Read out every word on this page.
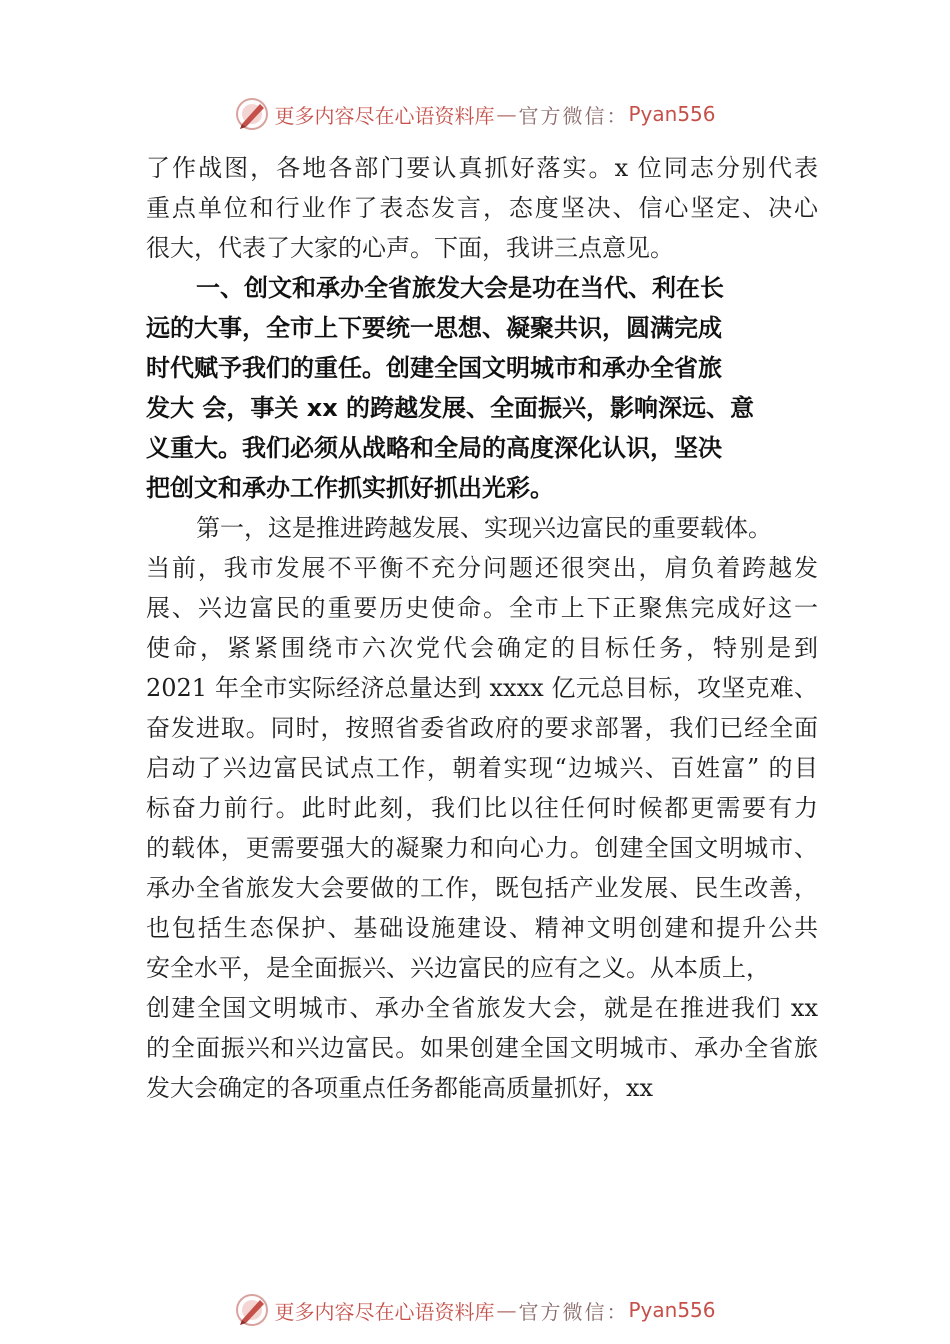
更多内容尽在心语资料库 — 官方微信： Pyan556
了作战图，各地各部门要认真抓好落实。x 位同志分别代表
重点单位和行业作了表态发言，态度坚决、信心坚定、决心
很大，代表了大家的心声。下面，我讲三点意见。
一、创文和承办全省旅发大会是功在当代、利在长
远的大事，全市上下要统一思想、凝聚共识，圆满完成
时代赋予我们的重任。创建全国文明城市和承办全省旅
发大 会，事关 xx 的跨越发展、全面振兴，影响深远、意
义重大。我们必须从战略和全局的高度深化认识，坚决
把创文和承办工作抓实抓好抓出光彩。
第一，这是推进跨越发展、实现兴边富民的重要载体。
当前，我市发展不平衡不充分问题还很突出，肩负着跨越发
展、兴边富民的重要历史使命。全市上下正聚焦完成好这一
使命，紧紧围绕市六次党代会确定的目标任务，特别是到
2021 年全市实际经济总量达到 xxxx 亿元总目标，攻坚克难、
奋发进取。同时，按照省委省政府的要求部署，我们已经全面
启动了兴边富民试点工作，朝着实现“边城兴、百姓富” 的目
标奋力前行。此时此刻，我们比以往任何时候都更需要有力
的载体，更需要强大的凝聚力和向心力。创建全国文明城市、
承办全省旅发大会要做的工作，既包括产业发展、民生改善，
也包括生态保护、基础设施建设、精神文明创建和提升公共
安全水平，是全面振兴、兴边富民的应有之义。从本质上，
创建全国文明城市、承办全省旅发大会，就是在推进我们 xx
的全面振兴和兴边富民。如果创建全国文明城市、承办全省旅
发大会确定的各项重点任务都能高质量抓好，xx
更多内容尽在心语资料库 — 官方微信： Pyan556
